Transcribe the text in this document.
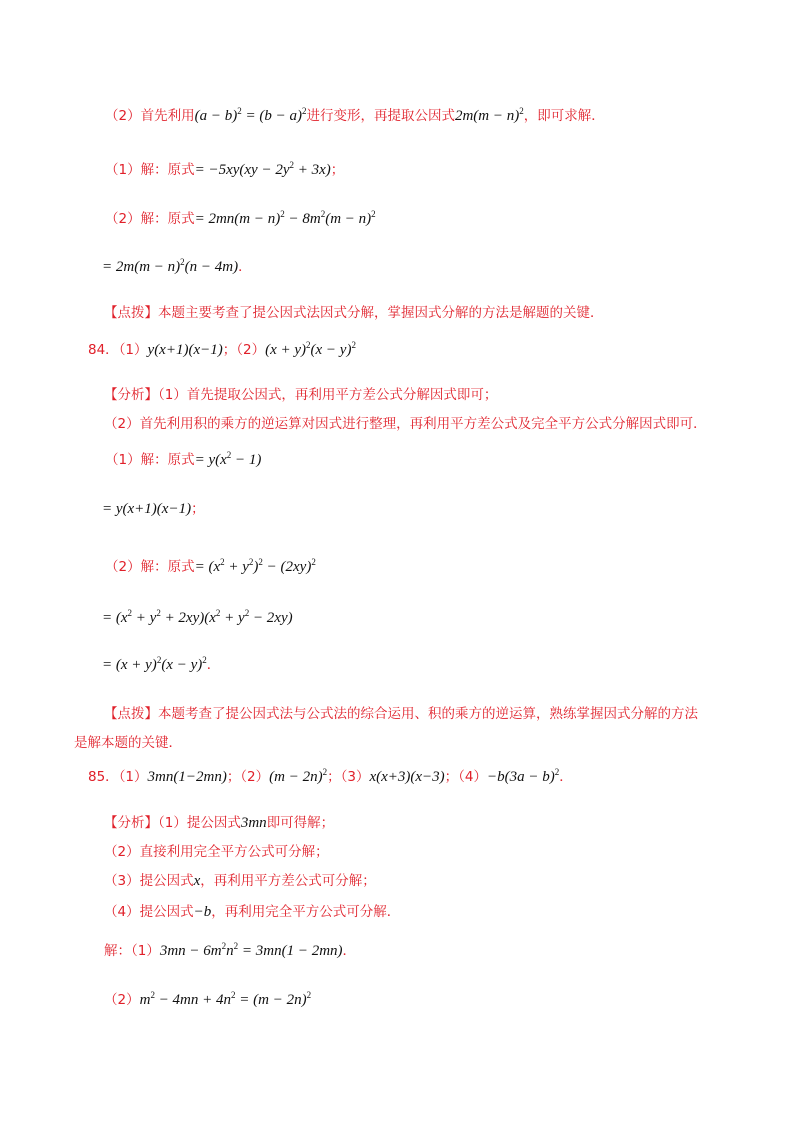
（2）首先利用$(a - b)^2 = (b - a)^2$进行变形，再提取公因式$2m(m - n)^2$，即可求解．
（1）解：原式= $-5xy(xy - 2y^2 + 3x)$；
（2）解：原式= $2mn(m - n)^2 - 8m^2(m - n)^2$
= $2m(m - n)^2(n - 4m)$．
【点拨】本题主要考查了提公因式法因式分解，掌握因式分解的方法是解题的关键．
84．（1）y(x+1)(x−1)；$(2)(x + y)^2(x - y)^2$
【分析】（1）首先提取公因式，再利用平方差公式分解因式即可；
（2）首先利用积的乘方的逆运算对因式进行整理，再利用平方差公式及完全平方公式分解因式即可．
（1）解：原式= $y(x^2 - 1)$
= y(x+1)(x−1)；
（2）解：原式= $(x^2 + y^2)^2 - (2xy)^2$
= $(x^2 + y^2 + 2xy)(x^2 + y^2 - 2xy)$
= $(x + y)^2(x - y)^2$．
【点拨】本题考查了提公因式法与公式法的综合运用、积的乘方的逆运算，熟练掌握因式分解的方法
是解本题的关键．
85．（1）3mn(1−2mn)；$(2)(m - 2n)^2$；（3）x(x+3)(x−3)；$(4)-b(3a - b)^2$．
【分析】（1）提公因式3mn即可得解；
（2）直接利用完全平方公式可分解；
（3）提公因式x，再利用平方差公式可分解；
（4）提公因式−b，再利用完全平方公式可分解．
解：$(1)3mn - 6m^2n^2 = 3mn(1 - 2mn)$．
$(2)m^2 - 4mn + 4n^2 = (m - 2n)^2$
